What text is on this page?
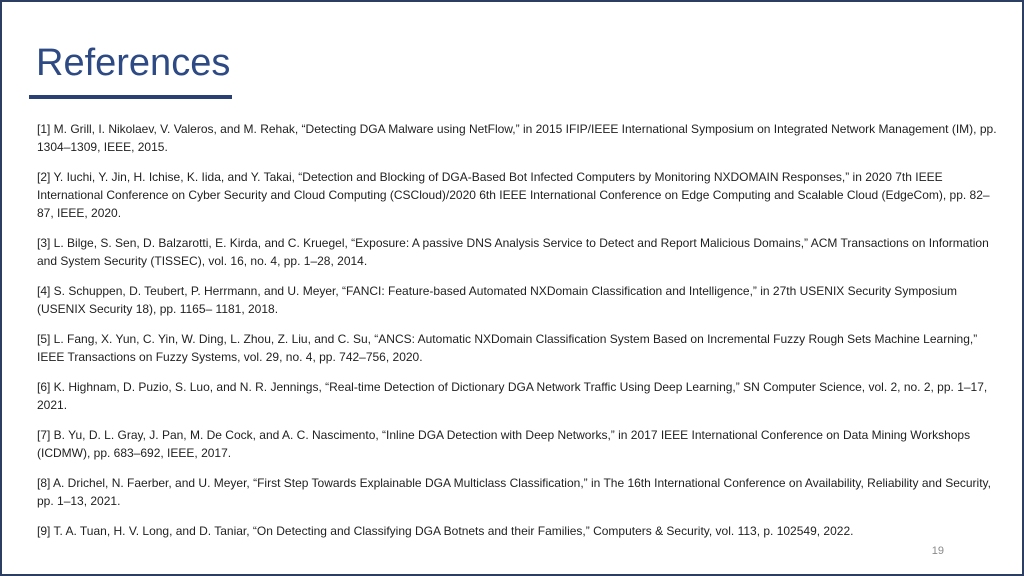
References
[1] M. Grill, I. Nikolaev, V. Valeros, and M. Rehak, “Detecting DGA Malware using NetFlow,” in 2015 IFIP/IEEE International Symposium on Integrated Network Management (IM), pp. 1304–1309, IEEE, 2015.
[2] Y. Iuchi, Y. Jin, H. Ichise, K. Iida, and Y. Takai, “Detection and Blocking of DGA-Based Bot Infected Computers by Monitoring NXDOMAIN Responses,” in 2020 7th IEEE International Conference on Cyber Security and Cloud Computing (CSCloud)/2020 6th IEEE International Conference on Edge Computing and Scalable Cloud (EdgeCom), pp. 82– 87, IEEE, 2020.
[3] L. Bilge, S. Sen, D. Balzarotti, E. Kirda, and C. Kruegel, “Exposure: A passive DNS Analysis Service to Detect and Report Malicious Domains,” ACM Transactions on Information and System Security (TISSEC), vol. 16, no. 4, pp. 1–28, 2014.
[4] S. Schuppen, D. Teubert, P. Herrmann, and U. Meyer, “FANCI: Feature-based Automated NXDomain Classification and Intelligence,” in 27th USENIX Security Symposium (USENIX Security 18), pp. 1165– 1181, 2018.
[5] L. Fang, X. Yun, C. Yin, W. Ding, L. Zhou, Z. Liu, and C. Su, “ANCS: Automatic NXDomain Classification System Based on Incremental Fuzzy Rough Sets Machine Learning,” IEEE Transactions on Fuzzy Systems, vol. 29, no. 4, pp. 742–756, 2020.
[6] K. Highnam, D. Puzio, S. Luo, and N. R. Jennings, “Real-time Detection of Dictionary DGA Network Traffic Using Deep Learning,” SN Computer Science, vol. 2, no. 2, pp. 1–17, 2021.
[7] B. Yu, D. L. Gray, J. Pan, M. De Cock, and A. C. Nascimento, “Inline DGA Detection with Deep Networks,” in 2017 IEEE International Conference on Data Mining Workshops (ICDMW), pp. 683–692, IEEE, 2017.
[8] A. Drichel, N. Faerber, and U. Meyer, “First Step Towards Explainable DGA Multiclass Classification,” in The 16th International Conference on Availability, Reliability and Security, pp. 1–13, 2021.
[9] T. A. Tuan, H. V. Long, and D. Taniar, “On Detecting and Classifying DGA Botnets and their Families,” Computers & Security, vol. 113, p. 102549, 2022.
19
